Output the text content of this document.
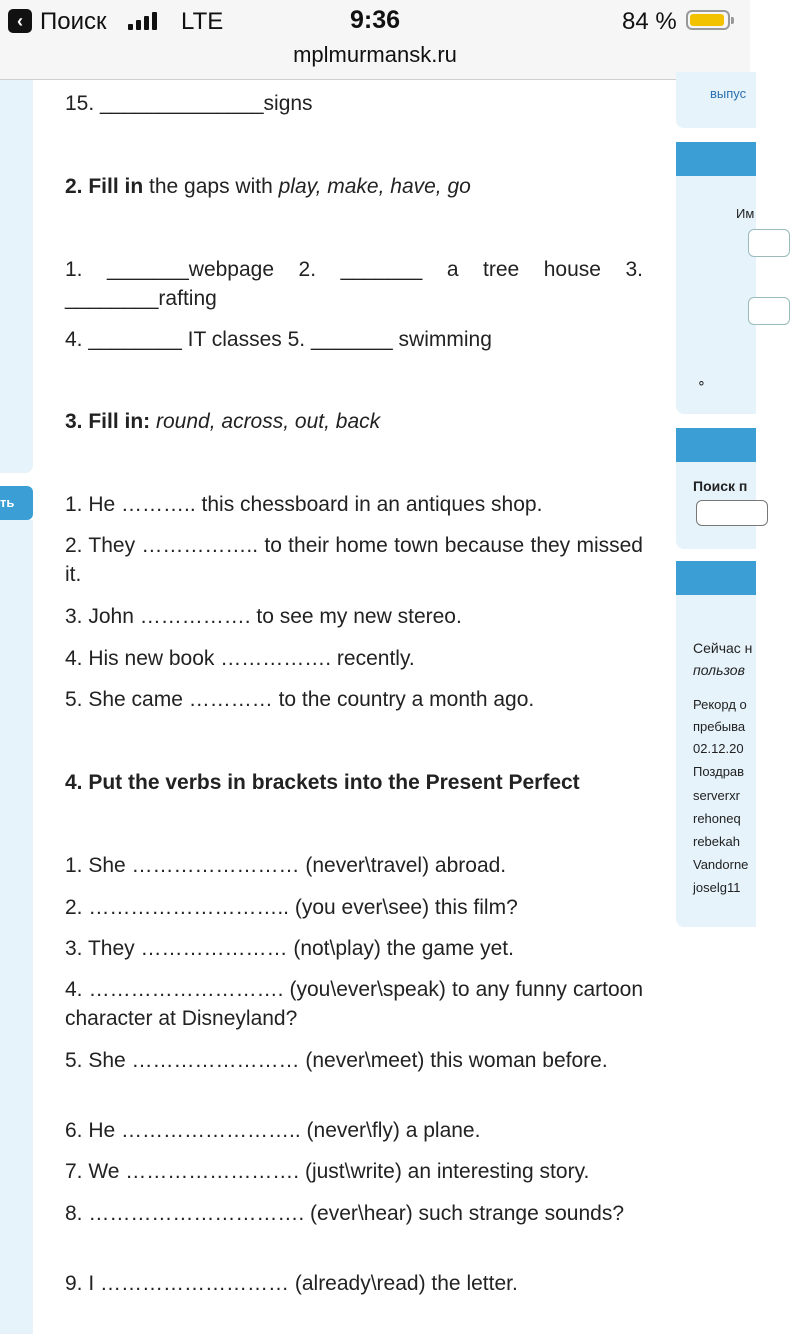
‹ Поиск	LTE	9:36	84 %
mplmurmansk.ru
ть

15. ______________signs

2. Fill in the gaps with play, make, have, go

1. _______webpage 2. _______ a tree house 3. ________rafting

4. ________ IT classes 5. _______ swimming

3. Fill in: round, across, out, back

1. He ……….. this chessboard in an antiques shop.

2. They …………….. to their home town because they missed it.

3. John ……………. to see my new stereo.

4. His new book ……………. recently.

5. She came ………… to the country a month ago.

4. Put the verbs in brackets into the Present Perfect

1. She …………………… (never\travel) abroad.

2. ……………………….. (you ever\see) this film?

3. They ………………… (not\play) the game yet.

4. ………………………. (you\ever\speak) to any funny cartoon character at Disneyland?

5. She …………………… (never\meet) this woman before.

6. He …………………….. (never\fly) a plane.

7. We ……………………. (just\write) an interesting story.

8. …………………………. (ever\hear) such strange sounds?

9. I ……………………… (already\read) the letter.

выпус
Им
∘
Поиск п
Сейчас н
пользов
Рекорд о
пребыва
02.12.20
Поздрав
serverxr
rehoneq
rebekah
Vandorne
joselg11
